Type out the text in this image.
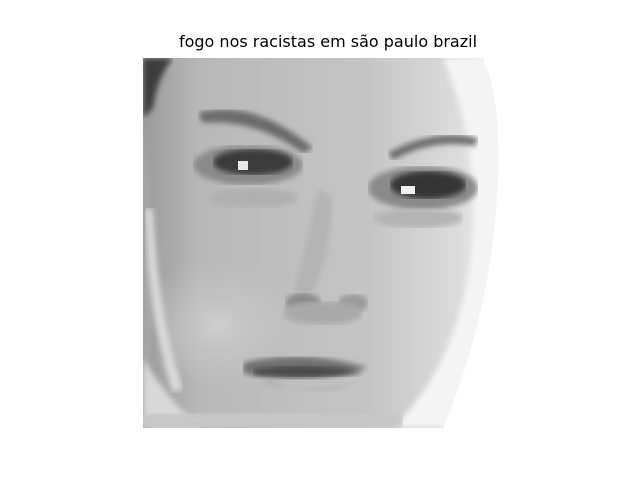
fogo nos racistas em são paulo brazil
